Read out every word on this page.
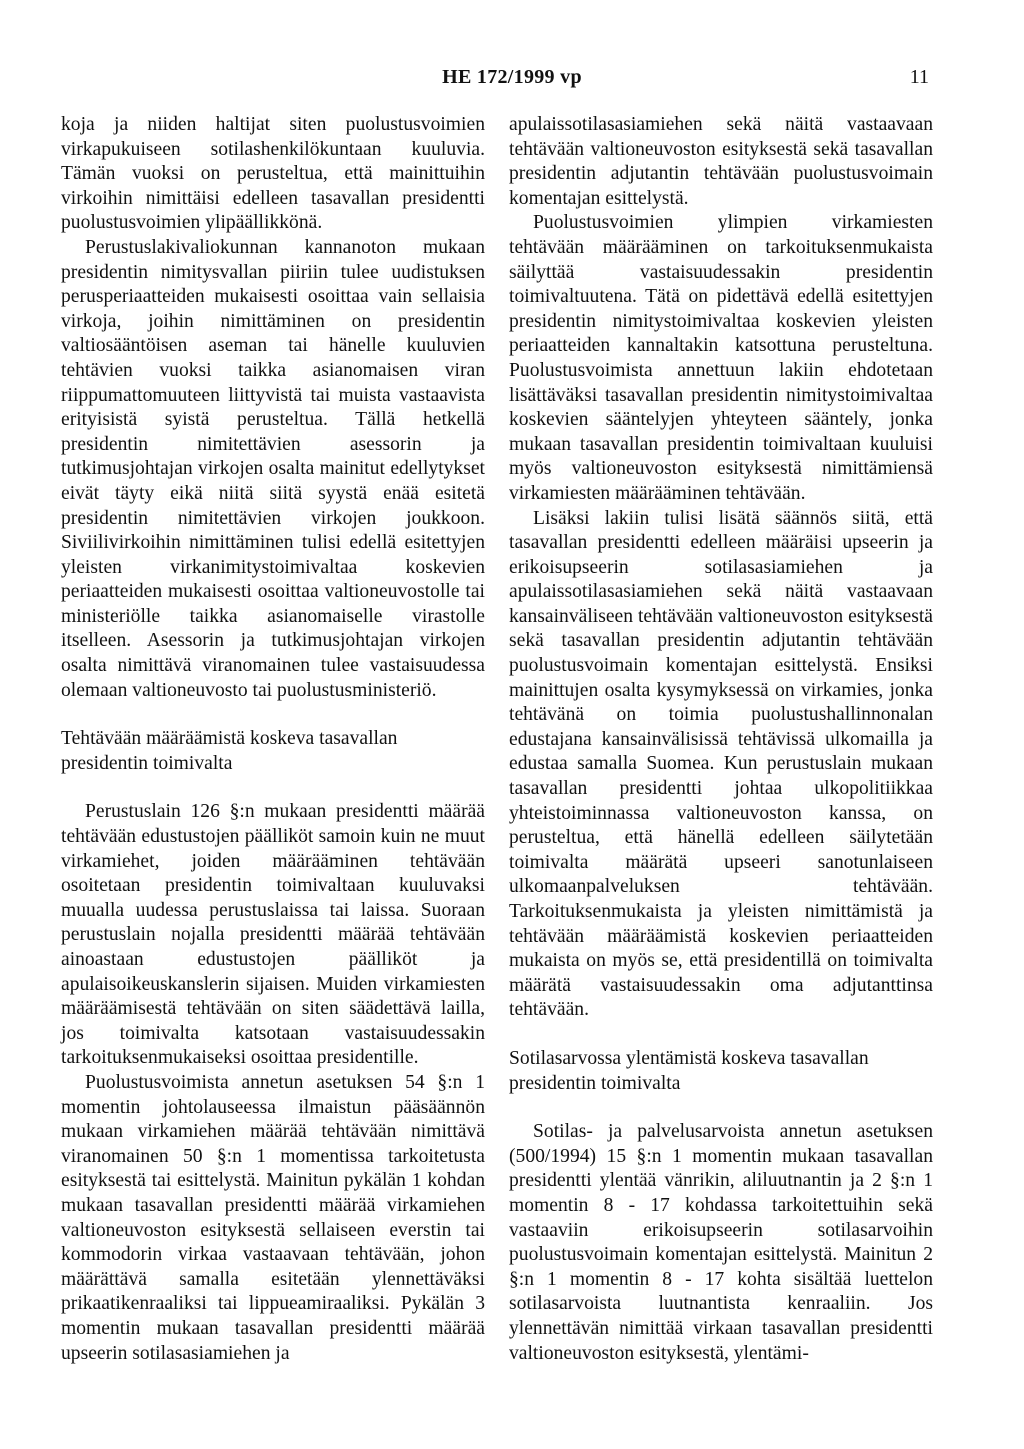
HE 172/1999 vp	11

koja ja niiden haltijat siten puolustusvoimien virkapukuiseen sotilashenkilökuntaan kuuluvia. Tämän vuoksi on perusteltua, että mainittuihin virkoihin nimittäisi edelleen tasavallan presidentti puolustusvoimien ylipäällikkönä.

Perustuslakivaliokunnan kannanoton mukaan presidentin nimitysvallan piiriin tulee uudistuksen perusperiaatteiden mukaisesti osoittaa vain sellaisia virkoja, joihin nimittäminen on presidentin valtiosääntöisen aseman tai hänelle kuuluvien tehtävien vuoksi taikka asianomaisen viran riippumattomuuteen liittyvistä tai muista vastaavista erityisistä syistä perusteltua. Tällä hetkellä presidentin nimitettävien asessorin ja tutkimusjohtajan virkojen osalta mainitut edellytykset eivät täyty eikä niitä siitä syystä enää esitetä presidentin nimitettävien virkojen joukkoon. Siviilivirkoihin nimittäminen tulisi edellä esitettyjen yleisten virkanimitystoimivaltaa koskevien periaatteiden mukaisesti osoittaa valtioneuvostolle tai ministeriölle taikka asianomaiselle virastolle itselleen. Asessorin ja tutkimusjohtajan virkojen osalta nimittävä viranomainen tulee vastaisuudessa olemaan valtioneuvosto tai puolustusministeriö.

Tehtävään määräämistä koskeva tasavallan presidentin toimivalta

Perustuslain 126 §:n mukaan presidentti määrää tehtävään edustustojen päälliköt samoin kuin ne muut virkamiehet, joiden määrääminen tehtävään osoitetaan presidentin toimivaltaan kuuluvaksi muualla uudessa perustuslaissa tai laissa. Suoraan perustuslain nojalla presidentti määrää tehtävään ainoastaan edustustojen päälliköt ja apulaisoikeuskanslerin sijaisen. Muiden virkamiesten määräämisestä tehtävään on siten säädettävä lailla, jos toimivalta katsotaan vastaisuudessakin tarkoituksenmukaiseksi osoittaa presidentille.

Puolustusvoimista annetun asetuksen 54 §:n 1 momentin johtolauseessa ilmaistun pääsäännön mukaan virkamiehen määrää tehtävään nimittävä viranomainen 50 §:n 1 momentissa tarkoitetusta esityksestä tai esittelystä. Mainitun pykälän 1 kohdan mukaan tasavallan presidentti määrää virkamiehen valtioneuvoston esityksestä sellaiseen everstin tai kommodorin virkaa vastaavaan tehtävään, johon määrättävä samalla esitetään ylennettäväksi prikaatikenraaliksi tai lippueamiraaliksi. Pykälän 3 momentin mukaan tasavallan presidentti määrää upseerin sotilasasiamiehen ja

apulaissotilasasiamiehen sekä näitä vastaavaan tehtävään valtioneuvoston esityksestä sekä tasavallan presidentin adjutantin tehtävään puolustusvoimain komentajan esittelystä.

Puolustusvoimien ylimpien virkamiesten tehtävään määrääminen on tarkoituksenmukaista säilyttää vastaisuudessakin presidentin toimivaltuutena. Tätä on pidettävä edellä esitettyjen presidentin nimitystoimivaltaa koskevien yleisten periaatteiden kannaltakin katsottuna perusteltuna. Puolustusvoimista annettuun lakiin ehdotetaan lisättäväksi tasavallan presidentin nimitystoimivaltaa koskevien sääntelyjen yhteyteen sääntely, jonka mukaan tasavallan presidentin toimivaltaan kuuluisi myös valtioneuvoston esityksestä nimittämiensä virkamiesten määrääminen tehtävään.

Lisäksi lakiin tulisi lisätä säännös siitä, että tasavallan presidentti edelleen määräisi upseerin ja erikoisupseerin sotilasasiamiehen ja apulaissotilasasiamiehen sekä näitä vastaavaan kansainväliseen tehtävään valtioneuvoston esityksestä sekä tasavallan presidentin adjutantin tehtävään puolustusvoimain komentajan esittelystä. Ensiksi mainittujen osalta kysymyksessä on virkamies, jonka tehtävänä on toimia puolustushallinnonalan edustajana kansainvälisissä tehtävissä ulkomailla ja edustaa samalla Suomea. Kun perustuslain mukaan tasavallan presidentti johtaa ulkopolitiikkaa yhteistoiminnassa valtioneuvoston kanssa, on perusteltua, että hänellä edelleen säilytetään toimivalta määrätä upseeri sanotunlaiseen ulkomaanpalveluksen tehtävään. Tarkoituksenmukaista ja yleisten nimittämistä ja tehtävään määräämistä koskevien periaatteiden mukaista on myös se, että presidentillä on toimivalta määrätä vastaisuudessakin oma adjutanttinsa tehtävään.

Sotilasarvossa ylentämistä koskeva tasavallan presidentin toimivalta

Sotilas- ja palvelusarvoista annetun asetuksen (500/1994) 15 §:n 1 momentin mukaan tasavallan presidentti ylentää vänrikin, aliluutnantin ja 2 §:n 1 momentin 8 - 17 kohdassa tarkoitettuihin sekä vastaaviin erikoisupseerin sotilasarvoihin puolustusvoimain komentajan esittelystä. Mainitun 2 §:n 1 momentin 8 - 17 kohta sisältää luettelon sotilasarvoista luutnantista kenraaliin. Jos ylennettävän nimittää virkaan tasavallan presidentti valtioneuvoston esityksestä, ylentämi-
